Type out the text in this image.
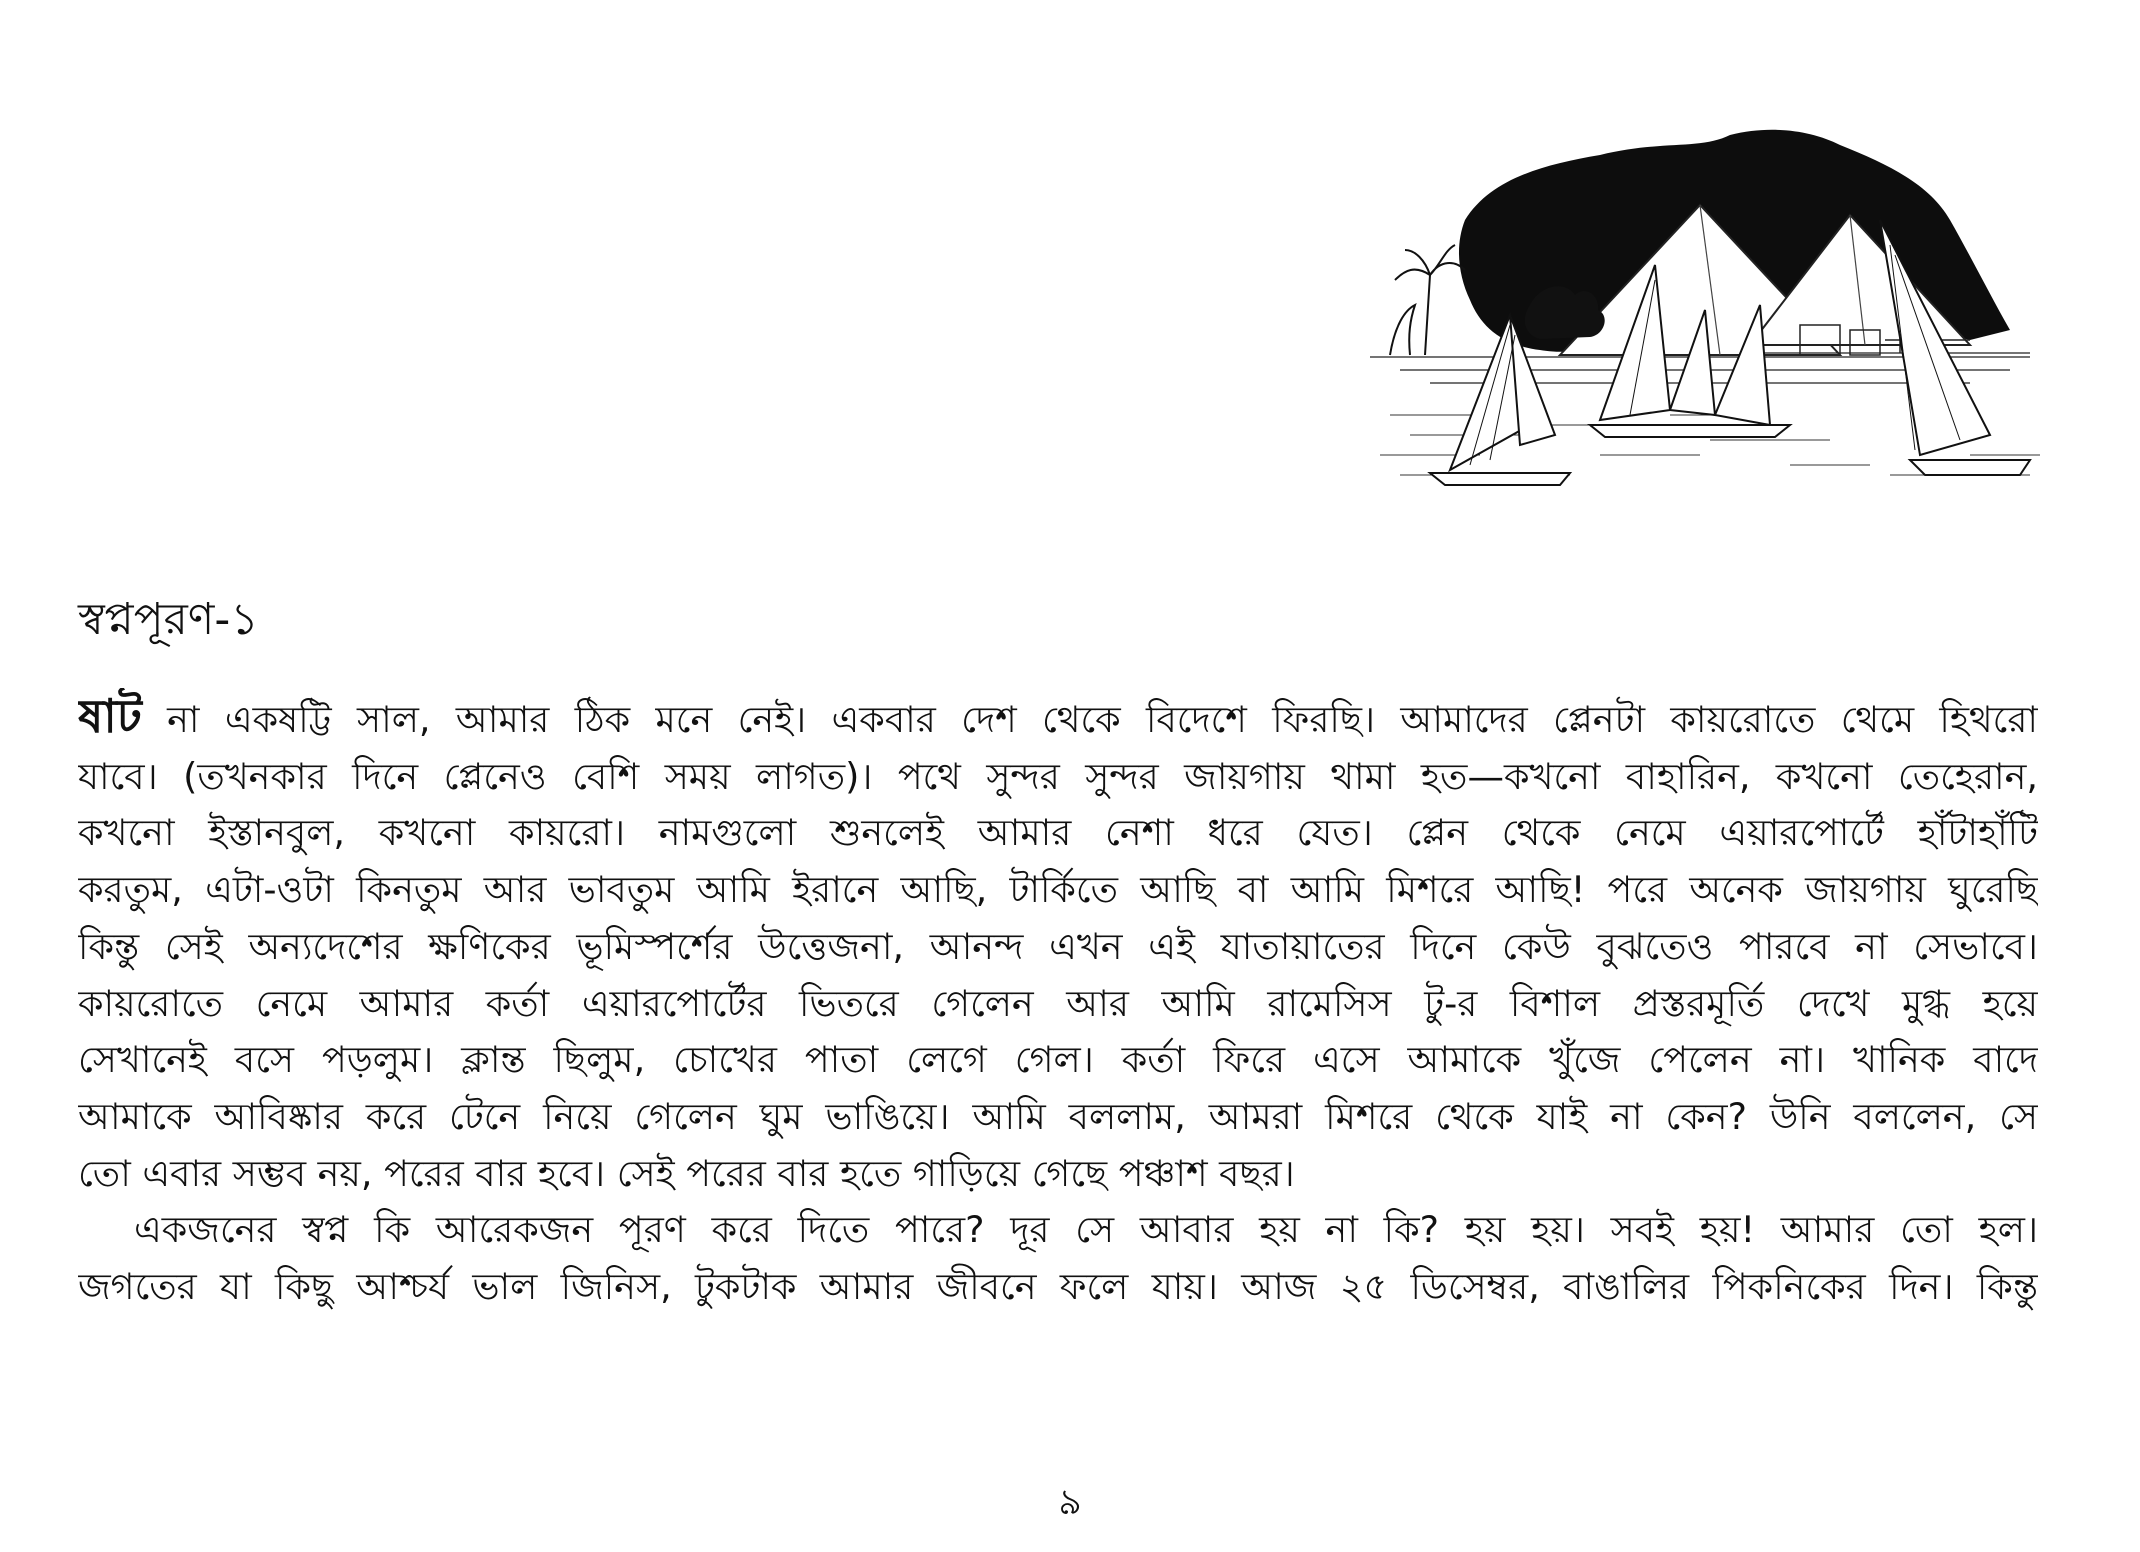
স্বপ্নপূরণ-১

ষাট না একষট্টি সাল, আমার ঠিক মনে নেই। একবার দেশ থেকে বিদেশে ফিরছি। আমাদের প্লেনটা কায়রোতে থেমে হিথরো
যাবে। (তখনকার দিনে প্লেনেও বেশি সময় লাগত)। পথে সুন্দর সুন্দর জায়গায় থামা হত—কখনো বাহারিন, কখনো তেহেরান,
কখনো ইস্তানবুল, কখনো কায়রো। নামগুলো শুনলেই আমার নেশা ধরে যেত। প্লেন থেকে নেমে এয়ারপোর্টে হাঁটাহাঁটি
করতুম, এটা-ওটা কিনতুম আর ভাবতুম আমি ইরানে আছি, টার্কিতে আছি বা আমি মিশরে আছি! পরে অনেক জায়গায় ঘুরেছি
কিন্তু সেই অন্যদেশের ক্ষণিকের ভূমিস্পর্শের উত্তেজনা, আনন্দ এখন এই যাতায়াতের দিনে কেউ বুঝতেও পারবে না সেভাবে।
কায়রোতে নেমে আমার কর্তা এয়ারপোর্টের ভিতরে গেলেন আর আমি রামেসিস টু-র বিশাল প্রস্তরমূর্তি দেখে মুগ্ধ হয়ে
সেখানেই বসে পড়লুম। ক্লান্ত ছিলুম, চোখের পাতা লেগে গেল। কর্তা ফিরে এসে আমাকে খুঁজে পেলেন না। খানিক বাদে
আমাকে আবিষ্কার করে টেনে নিয়ে গেলেন ঘুম ভাঙিয়ে। আমি বললাম, আমরা মিশরে থেকে যাই না কেন? উনি বললেন, সে
তো এবার সম্ভব নয়, পরের বার হবে। সেই পরের বার হতে গাড়িয়ে গেছে পঞ্চাশ বছর।

একজনের স্বপ্ন কি আরেকজন পূরণ করে দিতে পারে? দূর সে আবার হয় না কি? হয় হয়। সবই হয়! আমার তো হল।
জগতের যা কিছু আশ্চর্য ভাল জিনিস, টুকটাক আমার জীবনে ফলে যায়। আজ ২৫ ডিসেম্বর, বাঙালির পিকনিকের দিন। কিন্তু

৯
